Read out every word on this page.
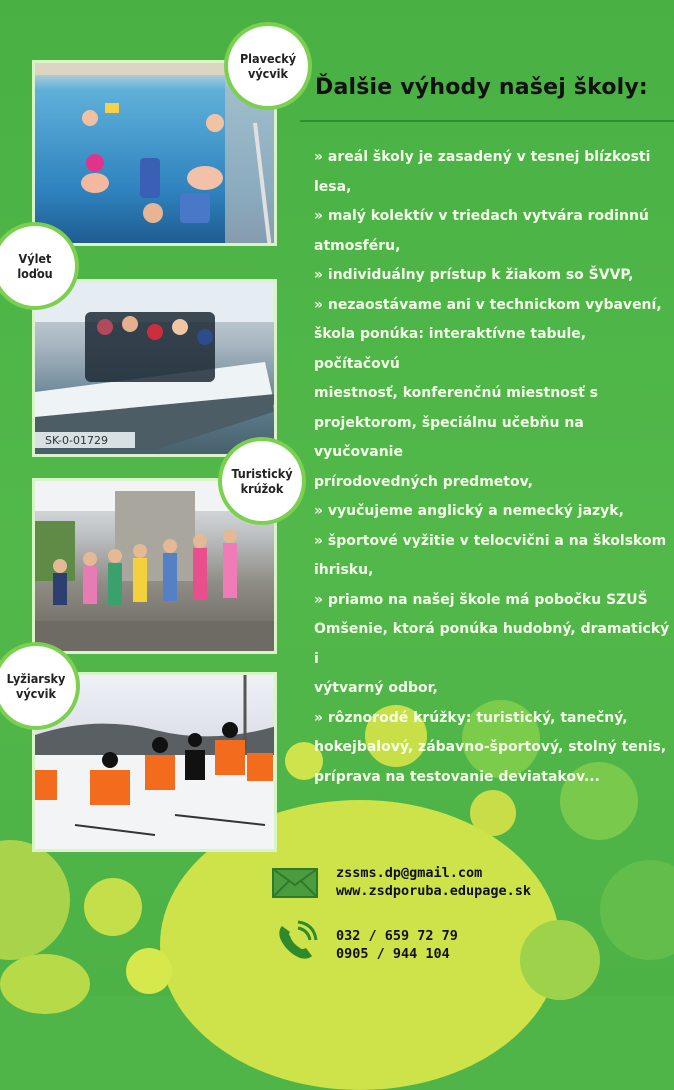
Plavecký
výcvik
SK-0-01729
Výlet
loďou
Turistický
krúžok
Lyžiarsky
výcvik
Ďalšie výhody našej školy:
» areál školy je zasadený v tesnej blízkosti lesa,
» malý kolektív v triedach vytvára rodinnú
atmosféru,
» individuálny prístup k žiakom so ŠVVP,
» nezaostávame ani v technickom vybavení,
škola ponúka: interaktívne tabule, počítačovú
miestnosť, konferenčnú miestnosť s
projektorom, špeciálnu učebňu na vyučovanie
prírodovedných predmetov,
» vyučujeme anglický a nemecký jazyk,
» športové vyžitie v telocvični a na školskom
ihrisku,
» priamo na našej škole má pobočku SZUŠ
Omšenie, ktorá ponúka hudobný, dramatický i
výtvarný odbor,
» rôznorodé krúžky: turistický, tanečný,
hokejbalový, zábavno-športový, stolný tenis,
príprava na testovanie deviatakov...
zssms.dp@gmail.com
www.zsdporuba.edupage.sk
032 / 659 72 79
0905 / 944 104
